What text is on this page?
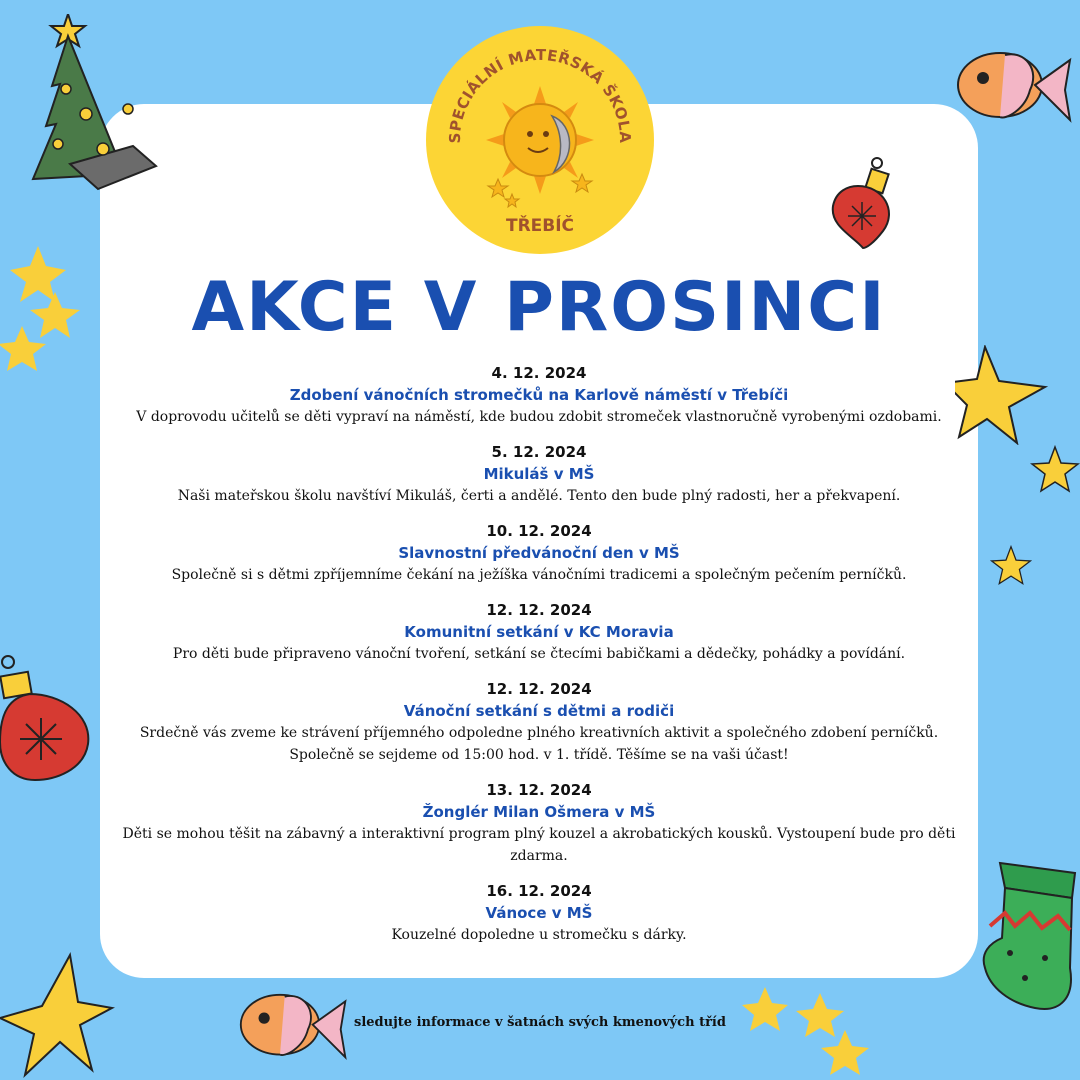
SPECIÁLNÍ MATEŘSKÁ ŠKOLA
TŘEBÍČ
AKCE V PROSINCI
4. 12. 2024
Zdobení vánočních stromečků na Karlově náměstí v Třebíči
V doprovodu učitelů se děti vypraví na náměstí, kde budou zdobit stromeček vlastnoručně vyrobenými ozdobami.
5. 12. 2024
Mikuláš v MŠ
Naši mateřskou školu navštíví Mikuláš, čerti a andělé. Tento den bude plný radosti, her a překvapení.
10. 12. 2024
Slavnostní předvánoční den v MŠ
Společně si s dětmi zpříjemníme čekání na ježíška vánočními tradicemi a společným pečením perníčků.
12. 12. 2024
Komunitní setkání v KC Moravia
Pro děti bude připraveno vánoční tvoření, setkání se čtecími babičkami a dědečky, pohádky a povídání.
12. 12. 2024
Vánoční setkání s dětmi a rodiči
Srdečně vás zveme ke strávení příjemného odpoledne plného kreativních aktivit a společného zdobení perníčků. Společně se sejdeme od 15:00 hod. v 1. třídě. Těšíme se na vaši účast!
13. 12. 2024
Žonglér Milan Ošmera v MŠ
Děti se mohou těšit na zábavný a interaktivní program plný kouzel a akrobatických kousků. Vystoupení bude pro děti zdarma.
16. 12. 2024
Vánoce v MŠ
Kouzelné dopoledne u stromečku s dárky.
sledujte informace v šatnách svých kmenových tříd
